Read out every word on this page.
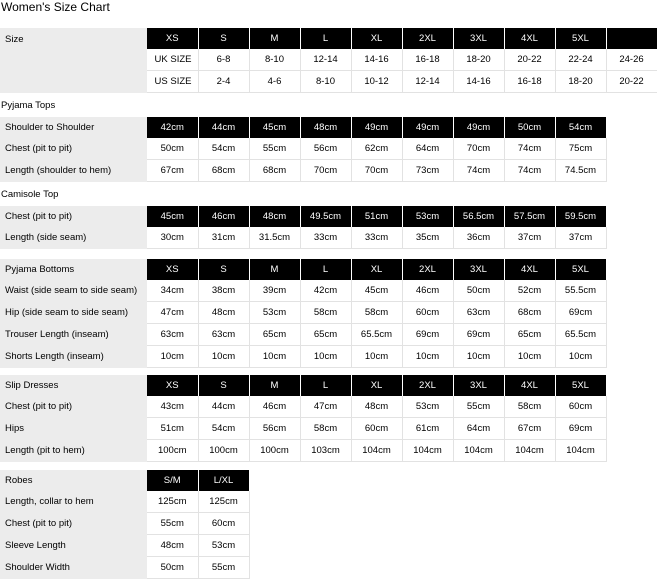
Women's Size Chart
Size	XS	S	M	L	XL	2XL	3XL	4XL	5XL	
	UK SIZE	6-8	8-10	12-14	14-16	16-18	18-20	20-22	22-24	24-26
	US SIZE	2-4	4-6	8-10	10-12	12-14	14-16	16-18	18-20	20-22
Pyjama Tops
Shoulder to Shoulder	42cm	44cm	45cm	48cm	49cm	49cm	49cm	50cm	54cm
Chest (pit to pit)	50cm	54cm	55cm	56cm	62cm	64cm	70cm	74cm	75cm
Length (shoulder to hem)	67cm	68cm	68cm	70cm	70cm	73cm	74cm	74cm	74.5cm
Camisole Top
Chest (pit to pit)	45cm	46cm	48cm	49.5cm	51cm	53cm	56.5cm	57.5cm	59.5cm
Length (side seam)	30cm	31cm	31.5cm	33cm	33cm	35cm	36cm	37cm	37cm
Pyjama Bottoms	XS	S	M	L	XL	2XL	3XL	4XL	5XL
Waist (side seam to side seam)	34cm	38cm	39cm	42cm	45cm	46cm	50cm	52cm	55.5cm
Hip (side seam to side seam)	47cm	48cm	53cm	58cm	58cm	60cm	63cm	68cm	69cm
Trouser Length (inseam)	63cm	63cm	65cm	65cm	65.5cm	69cm	69cm	65cm	65.5cm
Shorts Length (inseam)	10cm	10cm	10cm	10cm	10cm	10cm	10cm	10cm	10cm
Slip Dresses	XS	S	M	L	XL	2XL	3XL	4XL	5XL
Chest (pit to pit)	43cm	44cm	46cm	47cm	48cm	53cm	55cm	58cm	60cm
Hips	51cm	54cm	56cm	58cm	60cm	61cm	64cm	67cm	69cm
Length (pit to hem)	100cm	100cm	100cm	103cm	104cm	104cm	104cm	104cm	104cm
Robes	S/M	L/XL
Length, collar to hem	125cm	125cm
Chest (pit to pit)	55cm	60cm
Sleeve Length	48cm	53cm
Shoulder Width	50cm	55cm
